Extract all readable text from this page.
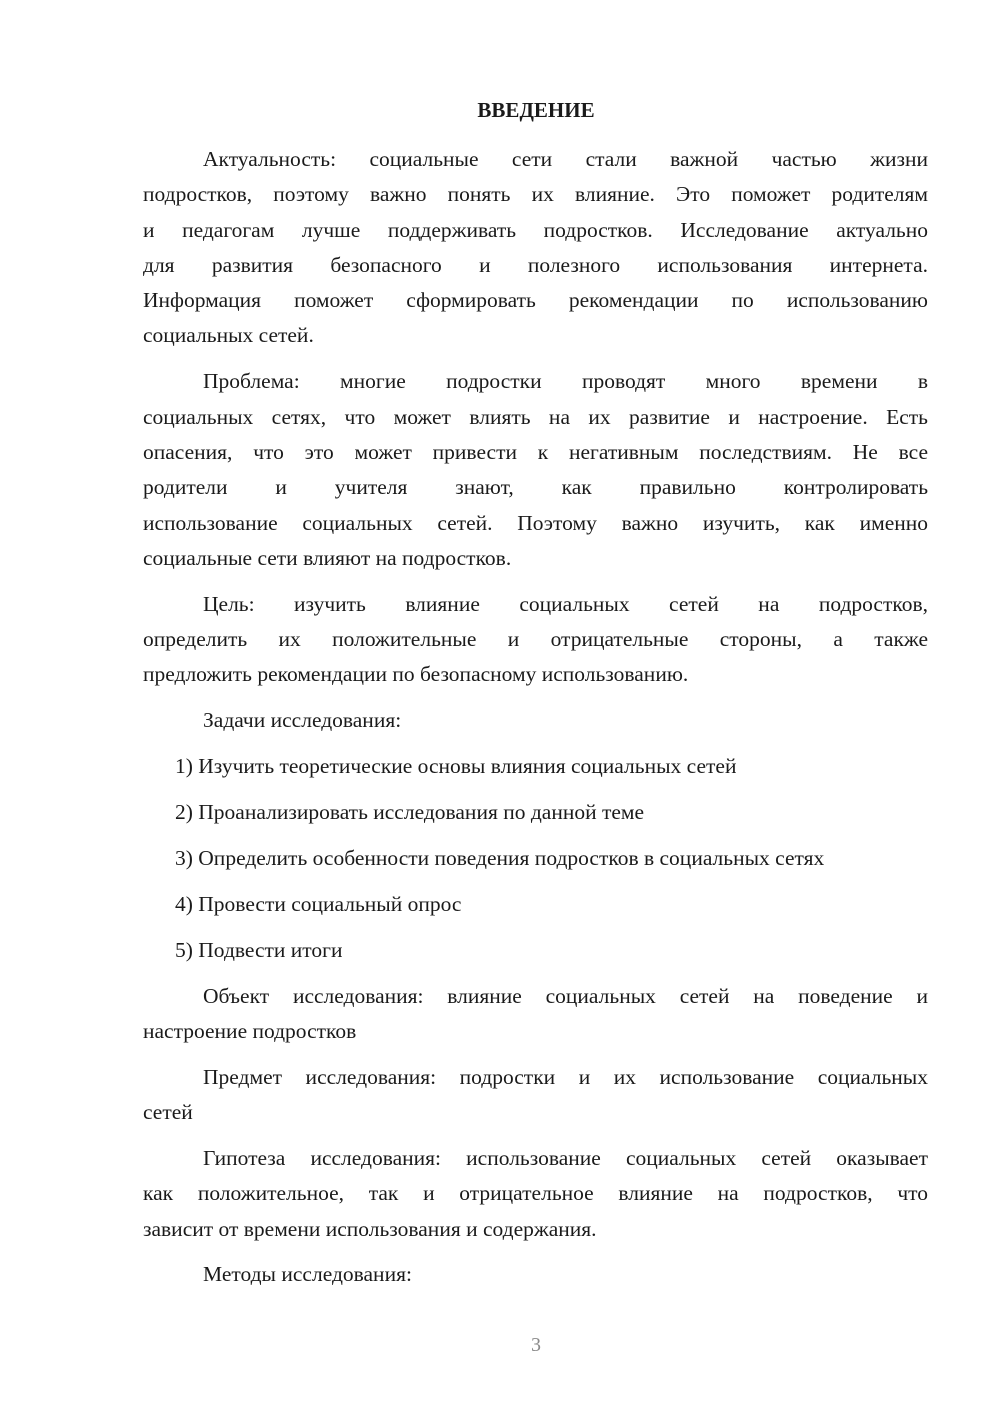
ВВЕДЕНИЕ
Актуальность: социальные сети стали важной частью жизни
подростков, поэтому важно понять их влияние. Это поможет родителям
и педагогам лучше поддерживать подростков. Исследование актуально
для развития безопасного и полезного использования интернета.
Информация поможет сформировать рекомендации по использованию
социальных сетей.
Проблема: многие подростки проводят много времени в
социальных сетях, что может влиять на их развитие и настроение. Есть
опасения, что это может привести к негативным последствиям. Не все
родители и учителя знают, как правильно контролировать
использование социальных сетей. Поэтому важно изучить, как именно
социальные сети влияют на подростков.
Цель: изучить влияние социальных сетей на подростков,
определить их положительные и отрицательные стороны, а также
предложить рекомендации по безопасному использованию.
Задачи исследования:
1) Изучить теоретические основы влияния социальных сетей
2) Проанализировать исследования по данной теме
3) Определить особенности поведения подростков в социальных сетях
4) Провести социальный опрос
5) Подвести итоги
Объект исследования: влияние социальных сетей на поведение и
настроение подростков
Предмет исследования: подростки и их использование социальных
сетей
Гипотеза исследования: использование социальных сетей оказывает
как положительное, так и отрицательное влияние на подростков, что
зависит от времени использования и содержания.
Методы исследования:
3
